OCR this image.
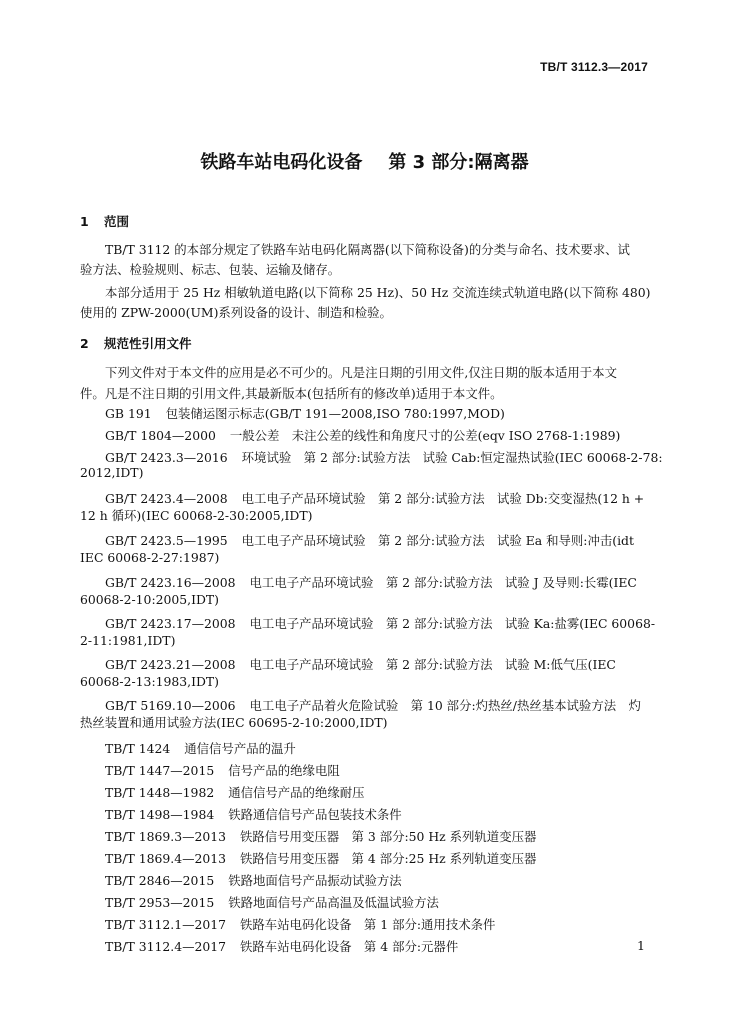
TB/T 3112.3—2017
铁路车站电码化设备 第 3 部分:隔离器
1 范围
TB/T 3112 的本部分规定了铁路车站电码化隔离器(以下简称设备)的分类与命名、技术要求、试
验方法、检验规则、标志、包装、运输及储存。
本部分适用于 25 Hz 相敏轨道电路(以下简称 25 Hz)、50 Hz 交流连续式轨道电路(以下简称 480)
使用的 ZPW-2000(UM)系列设备的设计、制造和检验。
2 规范性引用文件
下列文件对于本文件的应用是必不可少的。凡是注日期的引用文件,仅注日期的版本适用于本文
件。凡是不注日期的引用文件,其最新版本(包括所有的修改单)适用于本文件。
GB 191 包装储运图示标志(GB/T 191—2008,ISO 780:1997,MOD)
GB/T 1804—2000 一般公差　未注公差的线性和角度尺寸的公差(eqv ISO 2768-1:1989)
GB/T 2423.3—2016 环境试验　第 2 部分:试验方法　试验 Cab:恒定湿热试验(IEC 60068-2-78:
2012,IDT)
GB/T 2423.4—2008 电工电子产品环境试验　第 2 部分:试验方法　试验 Db:交变湿热(12 h +
12 h 循环)(IEC 60068-2-30:2005,IDT)
GB/T 2423.5—1995 电工电子产品环境试验　第 2 部分:试验方法　试验 Ea 和导则:冲击(idt
IEC 60068-2-27:1987)
GB/T 2423.16—2008 电工电子产品环境试验　第 2 部分:试验方法　试验 J 及导则:长霉(IEC
60068-2-10:2005,IDT)
GB/T 2423.17—2008 电工电子产品环境试验　第 2 部分:试验方法　试验 Ka:盐雾(IEC 60068-
2-11:1981,IDT)
GB/T 2423.21—2008 电工电子产品环境试验　第 2 部分:试验方法　试验 M:低气压(IEC
60068-2-13:1983,IDT)
GB/T 5169.10—2006 电工电子产品着火危险试验　第 10 部分:灼热丝/热丝基本试验方法　灼
热丝装置和通用试验方法(IEC 60695-2-10:2000,IDT)
TB/T 1424 通信信号产品的温升
TB/T 1447—2015 信号产品的绝缘电阻
TB/T 1448—1982 通信信号产品的绝缘耐压
TB/T 1498—1984 铁路通信信号产品包装技术条件
TB/T 1869.3—2013 铁路信号用变压器　第 3 部分:50 Hz 系列轨道变压器
TB/T 1869.4—2013 铁路信号用变压器　第 4 部分:25 Hz 系列轨道变压器
TB/T 2846—2015 铁路地面信号产品振动试验方法
TB/T 2953—2015 铁路地面信号产品高温及低温试验方法
TB/T 3112.1—2017 铁路车站电码化设备　第 1 部分:通用技术条件
TB/T 3112.4—2017 铁路车站电码化设备　第 4 部分:元器件	1
